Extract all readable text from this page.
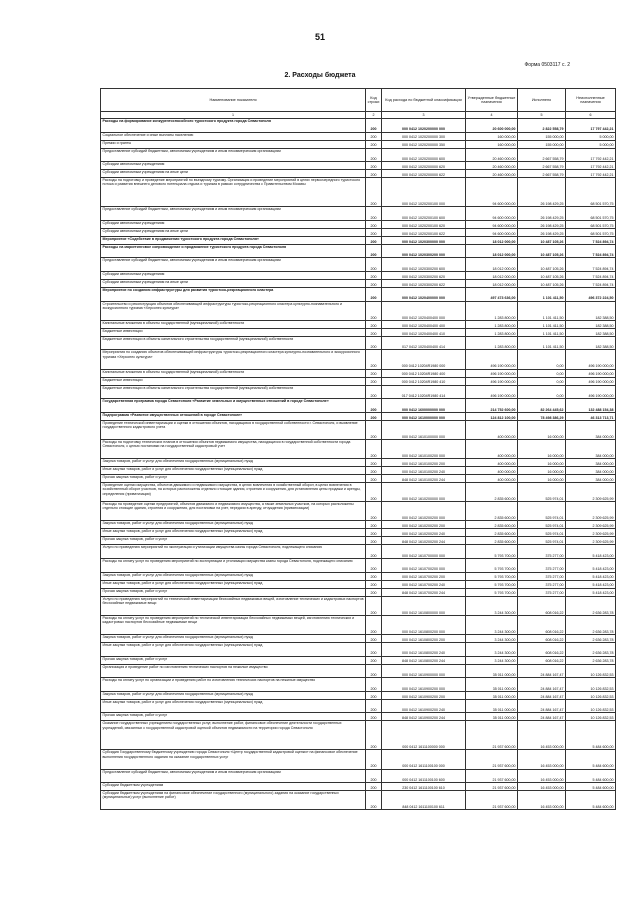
51
Форма 0503117 с. 2
2. Расходы бюджета
Наименование показателя	Код строки	Код расхода по бюджетной классификации	Утвержденные бюджетные назначения	Исполнено	Неисполненные назначения
1	2	3	4	5	6
Расходы на формирование конкурентоспособного туристского продукта города Севастополя	200	000 0412 1020200000 000	20 600 000,00	2 822 558,79	17 797 442,21
Социальное обеспечение и иные выплаты населению	200	000 0412 1020200000 300	160 000,00	155 000,00	5 000,00
Премии и гранты	200	000 0412 1020200000 350	160 000,00	155 000,00	5 000,00
Предоставление субсидий бюджетным, автономным учреждениям и иным некоммерческим организациям	200	000 0412 1020200000 600	20 460 000,00	2 667 558,79	17 792 442,21
Субсидии автономным учреждениям	200	000 0412 1020200000 620	20 460 000,00	2 667 558,79	17 792 442,21
Субсидии автономным учреждениям на иные цели	200	000 0412 1020200000 622	20 460 000,00	2 667 558,79	17 792 442,21
Расходы на подготовку и проведение мероприятий по въездному туризму. Организация и проведение мероприятий в целях первоочередного туристского потока и развития внешнего делового потенциала отдыха и туризма в рамках сотрудничества с Правительством Москвы	200	000 0412 1020200100 000	94 600 000,00	26 198 429,25	68 501 570,75
Предоставление субсидий бюджетным, автономным учреждениям и иным некоммерческим организациям	200	000 0412 1020200100 600	94 600 000,00	26 198 429,25	68 501 570,75
Субсидии автономным учреждениям	200	000 0412 1020200100 620	94 600 000,00	26 198 429,25	68 501 570,75
Субсидии автономным учреждениям на иные цели	200	000 0412 1020200100 622	94 600 000,00	26 198 429,25	68 501 570,75
Мероприятие «Содействие в продвижении туристского продукта города Севастополя»	200	000 0412 1020300000 000	18 012 000,00	10 487 105,26	7 524 894,74
Расходы на маркетинговое сопровождение и продвижение туристского продукта города Севастополя	200	000 0412 1020300200 000	18 012 000,00	10 487 105,26	7 524 894,74
Предоставление субсидий бюджетным, автономным учреждениям и иным некоммерческим организациям	200	000 0412 1020300200 600	18 012 000,00	10 487 105,26	7 524 894,74
Субсидии автономным учреждениям	200	000 0412 1020300200 620	18 012 000,00	10 487 105,26	7 524 894,74
Субсидии автономным учреждениям на иные цели	200	000 0412 1020300200 622	18 012 000,00	10 487 105,26	7 524 894,74
Мероприятие по созданию инфраструктуры для развития туристско-рекреационного кластера	200	000 0412 1020400000 000	497 473 636,00	1 101 411,50	496 372 224,50
Строительство и реконструкция объектов обеспечивающей инфраструктуры туристско-рекреационного кластера культурно-познавательного и экскурсионного туризма «Херсонес культура»	200	000 0412 1020400400 000	1 283 800,00	1 101 411,50	182 388,50
Капитальные вложения в объекты государственной (муниципальной) собственности	200	000 0412 1020400400 400	1 283 800,00	1 101 411,50	182 388,50
Бюджетные инвестиции	200	000 0412 1020400400 410	1 283 800,00	1 101 411,50	182 388,50
Бюджетные инвестиции в объекты капитального строительства государственной (муниципальной) собственности	200	017 0412 1020400400 414	1 283 800,00	1 101 411,50	182 388,50
Мероприятия по созданию объектов обеспечивающей инфраструктуры туристско-рекреационного кластера культурно-познавательного и экскурсионного туризма «Херсонес культура»	200	000 0412 10204R1980 000	496 190 000,00	0,00	496 190 000,00
Капитальные вложения в объекты государственной (муниципальной) собственности	200	000 0412 10204R1980 400	496 190 000,00	0,00	496 190 000,00
Бюджетные инвестиции	200	000 0412 10204R1980 410	496 190 000,00	0,00	496 190 000,00
Бюджетные инвестиции в объекты капитального строительства государственной (муниципальной) собственности	200	017 0412 10204R1980 414	496 190 000,00	0,00	496 190 000,00
Государственная программа города Севастополя «Развитие земельных и имущественных отношений в городе Севастополе»	200	000 0412 1600000000 000	214 752 600,00	82 264 445,62	132 488 154,38
Подпрограмма «Развитие имущественных отношений в городе Севастополе»	200	000 0412 1610000000 000	124 812 100,00	78 498 386,29	46 313 713,71
Проведение технической инвентаризации и оценки в отношении объектов, находящихся в государственной собственности г. Севастополя, и выявление государственного кадастрового учета	200	000 0412 1610100000 000	400 000,00	16 000,00	384 000,00
Расходы на подготовку технических планов в отношении объектов недвижимого имущества, находящихся в государственной собственности города Севастополя, с целью постановки на государственный кадастровый учет	200	000 0412 1610100200 000	400 000,00	16 000,00	384 000,00
Закупка товаров, работ и услуг для обеспечения государственных (муниципальных) нужд	200	000 0412 1610100200 200	400 000,00	16 000,00	384 000,00
Иные закупки товаров, работ и услуг для обеспечения государственных (муниципальных) нужд	200	000 0412 1610100200 240	400 000,00	16 000,00	384 000,00
Прочая закупка товаров, работ и услуг	200	848 0412 1610100200 244	400 000,00	16 000,00	384 000,00
Проведение оценки имущества, объектов движимого и недвижимого имущества, в целях вовлечения в хозяйственный оборот, в целях вовлечения в хозяйственный оборот участков, на которых расположены отдельно стоящие здания, строения и сооружения, для установления цены продажи и аренды, определения (приватизации)	200	000 0412 1610200000 000	2 835 600,00	525 974,01	2 309 625,99
Расходы на проведение оценки предприятий, объектов движимого и недвижимого имущества, а также земельных участков, на которых расположены отдельно стоящие здания, строения и сооружения, для постановки на учет, передачи в аренду, отчуждения (приватизации)	200	000 0412 1610200200 000	2 835 600,00	525 974,01	2 309 625,99
Закупка товаров, работ и услуг для обеспечения государственных (муниципальных) нужд	200	000 0412 1610200200 200	2 835 600,00	525 974,01	2 309 625,99
Иные закупки товаров, работ и услуг для обеспечения государственных (муниципальных) нужд	200	000 0412 1610200200 240	2 835 600,00	525 974,01	2 309 625,99
Прочая закупка товаров, работ и услуг	200	848 0412 1610200200 244	2 835 600,00	525 974,01	2 309 625,99
Услуги по проведению мероприятий по эксплуатации и утилизации имущества казны города Севастополя, подлежащего списанию	200	000 0412 1610700000 000	5 793 700,00	375 277,00	5 418 423,00
Расходы на оплату услуг по проведению мероприятий по эксплуатации и утилизации имущества казны города Севастополя, подлежащего списанию	200	000 0412 1610700200 000	5 793 700,00	375 277,00	5 418 423,00
Закупка товаров, работ и услуг для обеспечения государственных (муниципальных) нужд	200	000 0412 1610700200 200	5 793 700,00	375 277,00	5 418 423,00
Иные закупки товаров, работ и услуг для обеспечения государственных (муниципальных) нужд	200	000 0412 1610700200 240	5 793 700,00	375 277,00	5 418 423,00
Прочая закупка товаров, работ и услуг	200	848 0412 1610700200 244	5 793 700,00	375 277,00	5 418 423,00
Услуги по проведению мероприятий по технической инвентаризации бесхозяйных недвижимых вещей, изготовление технических и кадастровых паспортов бесхозяйные недвижимые вещи	200	000 0412 1610800000 000	3 244 300,00	608 016,22	2 636 283,78
Расходы на оплату услуг по проведению мероприятий по технической инвентаризации бесхозяйных недвижимых вещей, изготовлению технических и кадастровых паспортов бесхозяйные недвижимые вещи	200	000 0412 1610800200 000	3 244 300,00	608 016,22	2 636 283,78
Закупка товаров, работ и услуг для обеспечения государственных (муниципальных) нужд	200	000 0412 1610800200 200	3 244 300,00	608 016,22	2 636 283,78
Иные закупки товаров, работ и услуг для обеспечения государственных (муниципальных) нужд	200	000 0412 1610800200 240	3 244 300,00	608 016,22	2 636 283,78
Прочая закупка товаров, работ и услуг	200	848 0412 1610800200 244	3 244 300,00	608 016,22	2 636 283,78
Организация и проведение работ по изготовлению технических паспортов на нежилые имущество	200	000 0412 1610900000 000	35 011 000,00	24 884 167,47	10 126 832,53
Расходы на оплату услуг по организации и проведению работ по изготовлению технических паспортов на нежилые имущество	200	000 0412 1610900200 000	35 011 000,00	24 884 167,47	10 126 832,53
Закупка товаров, работ и услуг для обеспечения государственных (муниципальных) нужд	200	000 0412 1610900200 200	35 011 000,00	24 884 167,47	10 126 832,53
Иные закупки товаров, работ и услуг для обеспечения государственных (муниципальных) нужд	200	000 0412 1610900200 240	35 011 000,00	24 884 167,47	10 126 832,53
Прочая закупка товаров, работ и услуг	200	848 0412 1610900200 244	35 011 000,00	24 884 167,47	10 126 832,53
Оказание государственных учреждением государственных услуг, выполнение работ, финансовое обеспечение деятельности государственных учреждений, связанных с государственной кадастровой оценкой объектов недвижимости на территории города Севастополя	200	000 0412 1611100000 000	21 937 600,00	16 453 000,00	5 484 600,00
Субсидия Государственному бюджетному учреждению города Севастополя «Центр государственной кадастровой оценки» на финансовое обеспечение выполнения государственного задания на оказание государственных услуг	200	000 0412 1611100100 000	21 937 600,00	16 453 000,00	5 484 600,00
Предоставление субсидий бюджетным, автономным учреждениям и иным некоммерческим организациям	200	000 0412 1611100100 600	21 937 600,00	16 453 000,00	5 484 600,00
Субсидии бюджетным учреждениям	200	230 0412 1611100100 610	21 937 600,00	16 453 000,00	5 484 600,00
Субсидии бюджетным учреждениям на финансовое обеспечение государственного (муниципального) задания на оказание государственных (муниципальных) услуг (выполнение работ)	200	848 0412 1611100100 611	21 937 600,00	16 453 000,00	5 484 600,00
